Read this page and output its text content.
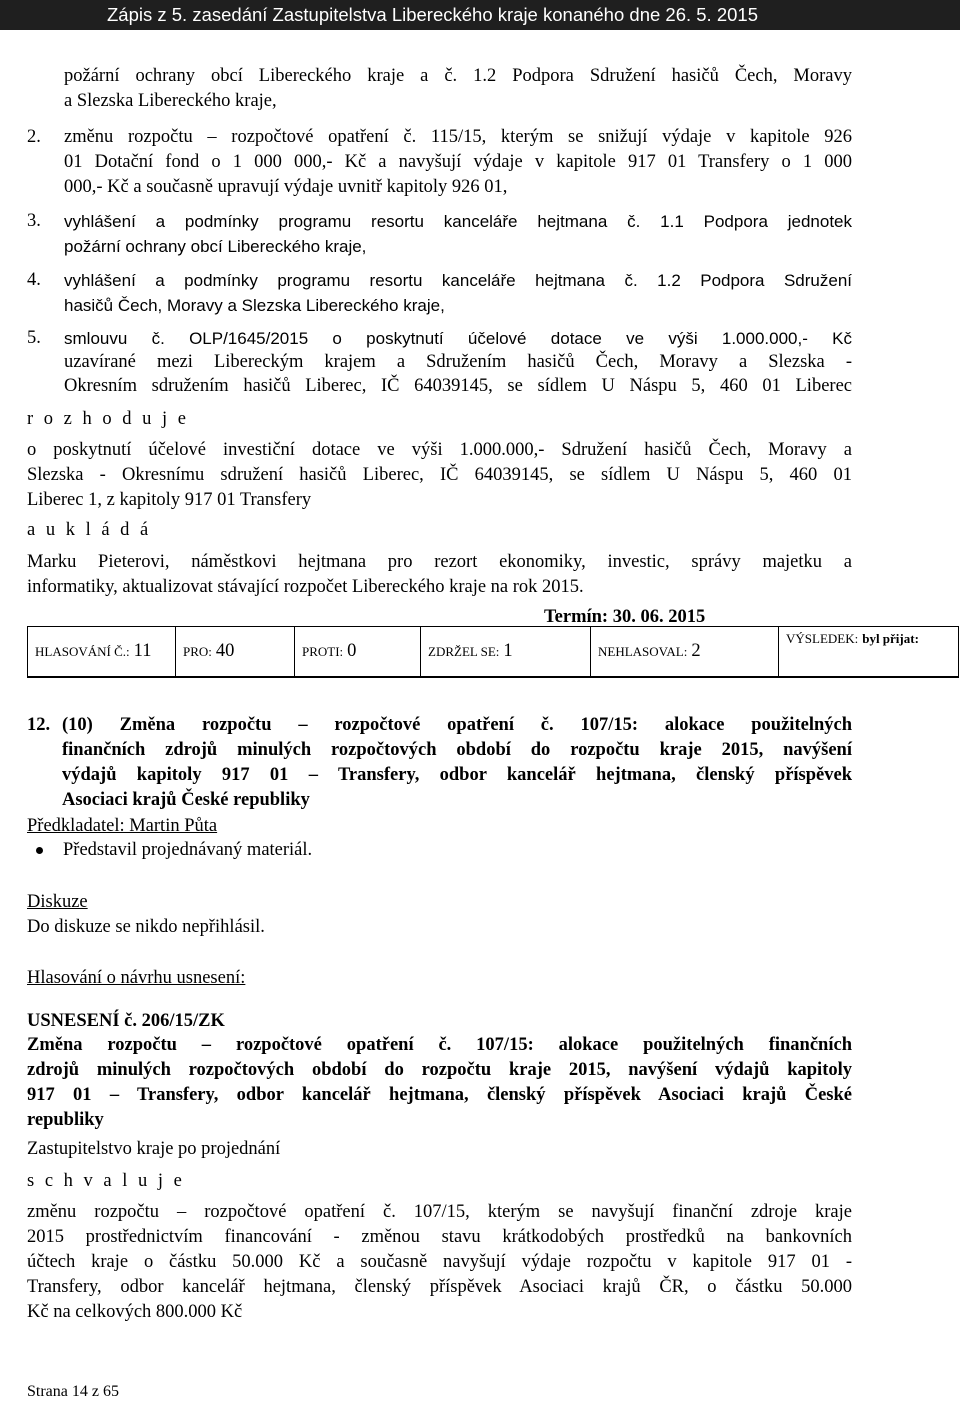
Zápis z 5. zasedání Zastupitelstva Libereckého kraje konaného dne 26. 5. 2015
požární ochrany obcí Libereckého kraje a č. 1.2 Podpora Sdružení hasičů Čech, Moravy
a Slezska Libereckého kraje,
2. změnu rozpočtu – rozpočtové opatření č. 115/15, kterým se snižují výdaje v kapitole 926
01 Dotační fond o 1 000 000,- Kč a navyšují výdaje v kapitole 917 01 Transfery o 1 000
000,- Kč a současně upravují výdaje uvnitř kapitoly 926 01,
3. vyhlášení a podmínky programu resortu kanceláře hejtmana č. 1.1 Podpora jednotek
požární ochrany obcí Libereckého kraje,
4. vyhlášení a podmínky programu resortu kanceláře hejtmana č. 1.2 Podpora Sdružení
hasičů Čech, Moravy a Slezska Libereckého kraje,
5. smlouvu č. OLP/1645/2015 o poskytnutí účelové dotace ve výši 1.000.000,- Kč
uzavírané mezi Libereckým krajem a Sdružením hasičů Čech, Moravy a Slezska -
Okresním sdružením hasičů Liberec, IČ 64039145, se sídlem U Náspu 5, 460 01 Liberec
r o z h o d u j e
o poskytnutí účelové investiční dotace ve výši 1.000.000,- Sdružení hasičů Čech, Moravy a
Slezska - Okresnímu sdružení hasičů Liberec, IČ 64039145, se sídlem U Náspu 5, 460 01
Liberec 1, z kapitoly 917 01 Transfery
a u k l á d á
Marku Pieterovi, náměstkovi hejtmana pro rezort ekonomiky, investic, správy majetku a
informatiky, aktualizovat stávající rozpočet Libereckého kraje na rok 2015.
Termín: 30. 06. 2015
HLASOVÁNÍ Č.: 11 PRO: 40	PROTI: 0	ZDRŽEL SE: 1	NEHLASOVAL: 2
VÝSLEDEK: byl přijat:
12. (10) Změna rozpočtu – rozpočtové opatření č. 107/15: alokace použitelných
finančních zdrojů minulých rozpočtových období do rozpočtu kraje 2015, navýšení
výdajů kapitoly 917 01 – Transfery, odbor kancelář hejtmana, členský příspěvek
Asociaci krajů České republiky
Předkladatel: Martin Půta
Představil projednávaný materiál.
Diskuze
Do diskuze se nikdo nepřihlásil.
Hlasování o návrhu usnesení:
USNESENÍ č. 206/15/ZK
Změna rozpočtu – rozpočtové opatření č. 107/15: alokace použitelných finančních
zdrojů minulých rozpočtových období do rozpočtu kraje 2015, navýšení výdajů kapitoly
917 01 – Transfery, odbor kancelář hejtmana, členský příspěvek Asociaci krajů České
republiky
Zastupitelstvo kraje po projednání
s c h v a l u j e
změnu rozpočtu – rozpočtové opatření č. 107/15, kterým se navyšují finanční zdroje kraje
2015 prostřednictvím financování - změnou stavu krátkodobých prostředků na bankovních
účtech kraje o částku 50.000 Kč a současně navyšují výdaje rozpočtu v kapitole 917 01 -
Transfery, odbor kancelář hejtmana, členský příspěvek Asociaci krajů ČR, o částku 50.000
Kč na celkových 800.000 Kč
Strana 14 z 65
